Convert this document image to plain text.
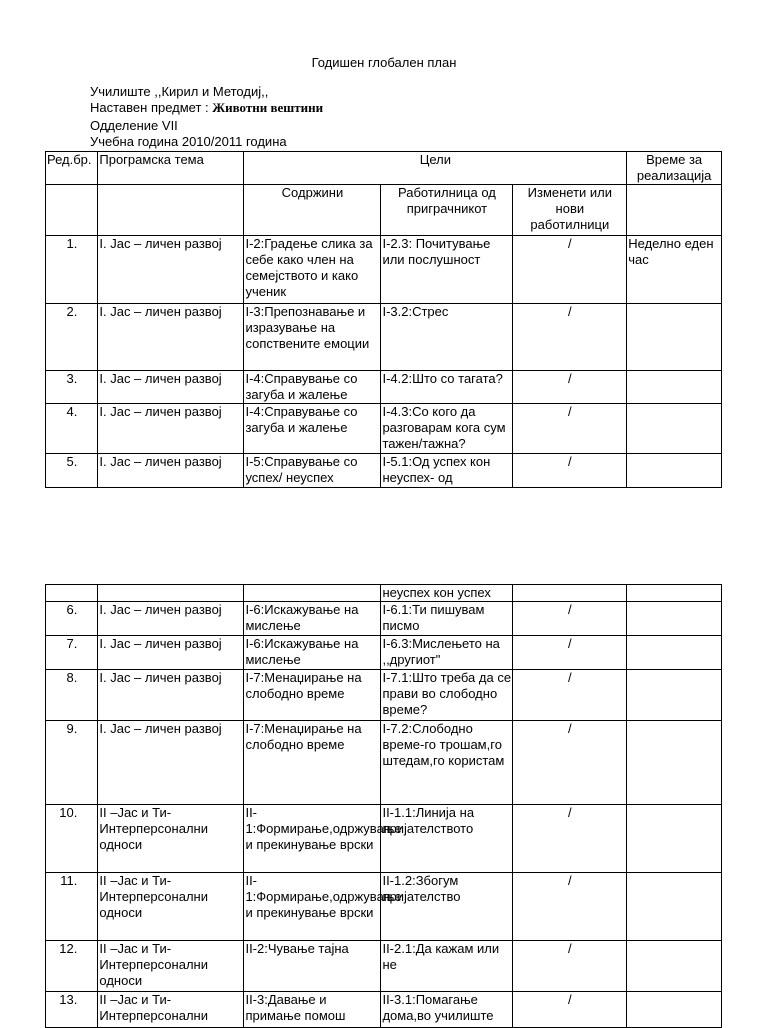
Годишен глобален план
Училиште ,,Кирил и Методиј,,
Наставен предмет : Животни вештини
Одделение VII
Учебна година 2010/2011 година
Ред.бр.	Програмска тема	Цели			Време за реализација
		Содржини	Работилница од приграчникот	Изменети или нови работилници	
1.	I. Јас – личен развој	I-2:Градење слика за себе како член на семејството и како ученик	I-2.3: Почитување или послушност	/	Неделно еден час
2.	I. Јас – личен развој	I-3:Препознавање и изразување на сопствените емоции	I-3.2:Стрес	/	
3.	I. Јас – личен развој	I-4:Справување со загуба и жалење	I-4.2:Што со тагата?	/	
4.	I. Јас – личен развој	I-4:Справување со загуба и жалење	I-4.3:Со кого да разговарам кога сум тажен/тажна?	/	
5.	I. Јас – личен развој	I-5:Справување со успех/ неуспех	I-5.1:Од успех кон неуспех- од	/	
			неуспех кон успех		
6.	I. Јас – личен развој	I-6:Искажување на мислење	I-6.1:Ти пишувам писмо	/	
7.	I. Јас – личен развој	I-6:Искажување на мислење	I-6.3:Мислењето на ,,другиот"	/	
8.	I. Јас – личен развој	I-7:Менаџирање на слободно време	I-7.1:Што треба да се прави во слободно време?	/	
9.	I. Јас – личен развој	I-7:Менаџирање на слободно време	I-7.2:Слободно време-го трошам,го штедам,го користам	/	
10.	II –Јас и Ти-Интерперсонални односи	II-1:Формирање,одржување и прекинување врски	II-1.1:Линија на пријателството	/	
11.	II –Јас и Ти-Интерперсонални односи	II-1:Формирање,одржување и прекинување врски	II-1.2:Збогум пријателство	/	
12.	II –Јас и Ти-Интерперсонални односи	II-2:Чување тајна	II-2.1:Да кажам или не	/	
13.	II –Јас и Ти-Интерперсонални	II-3:Давање и примање помош	II-3.1:Помагање дома,во училиште	/	
